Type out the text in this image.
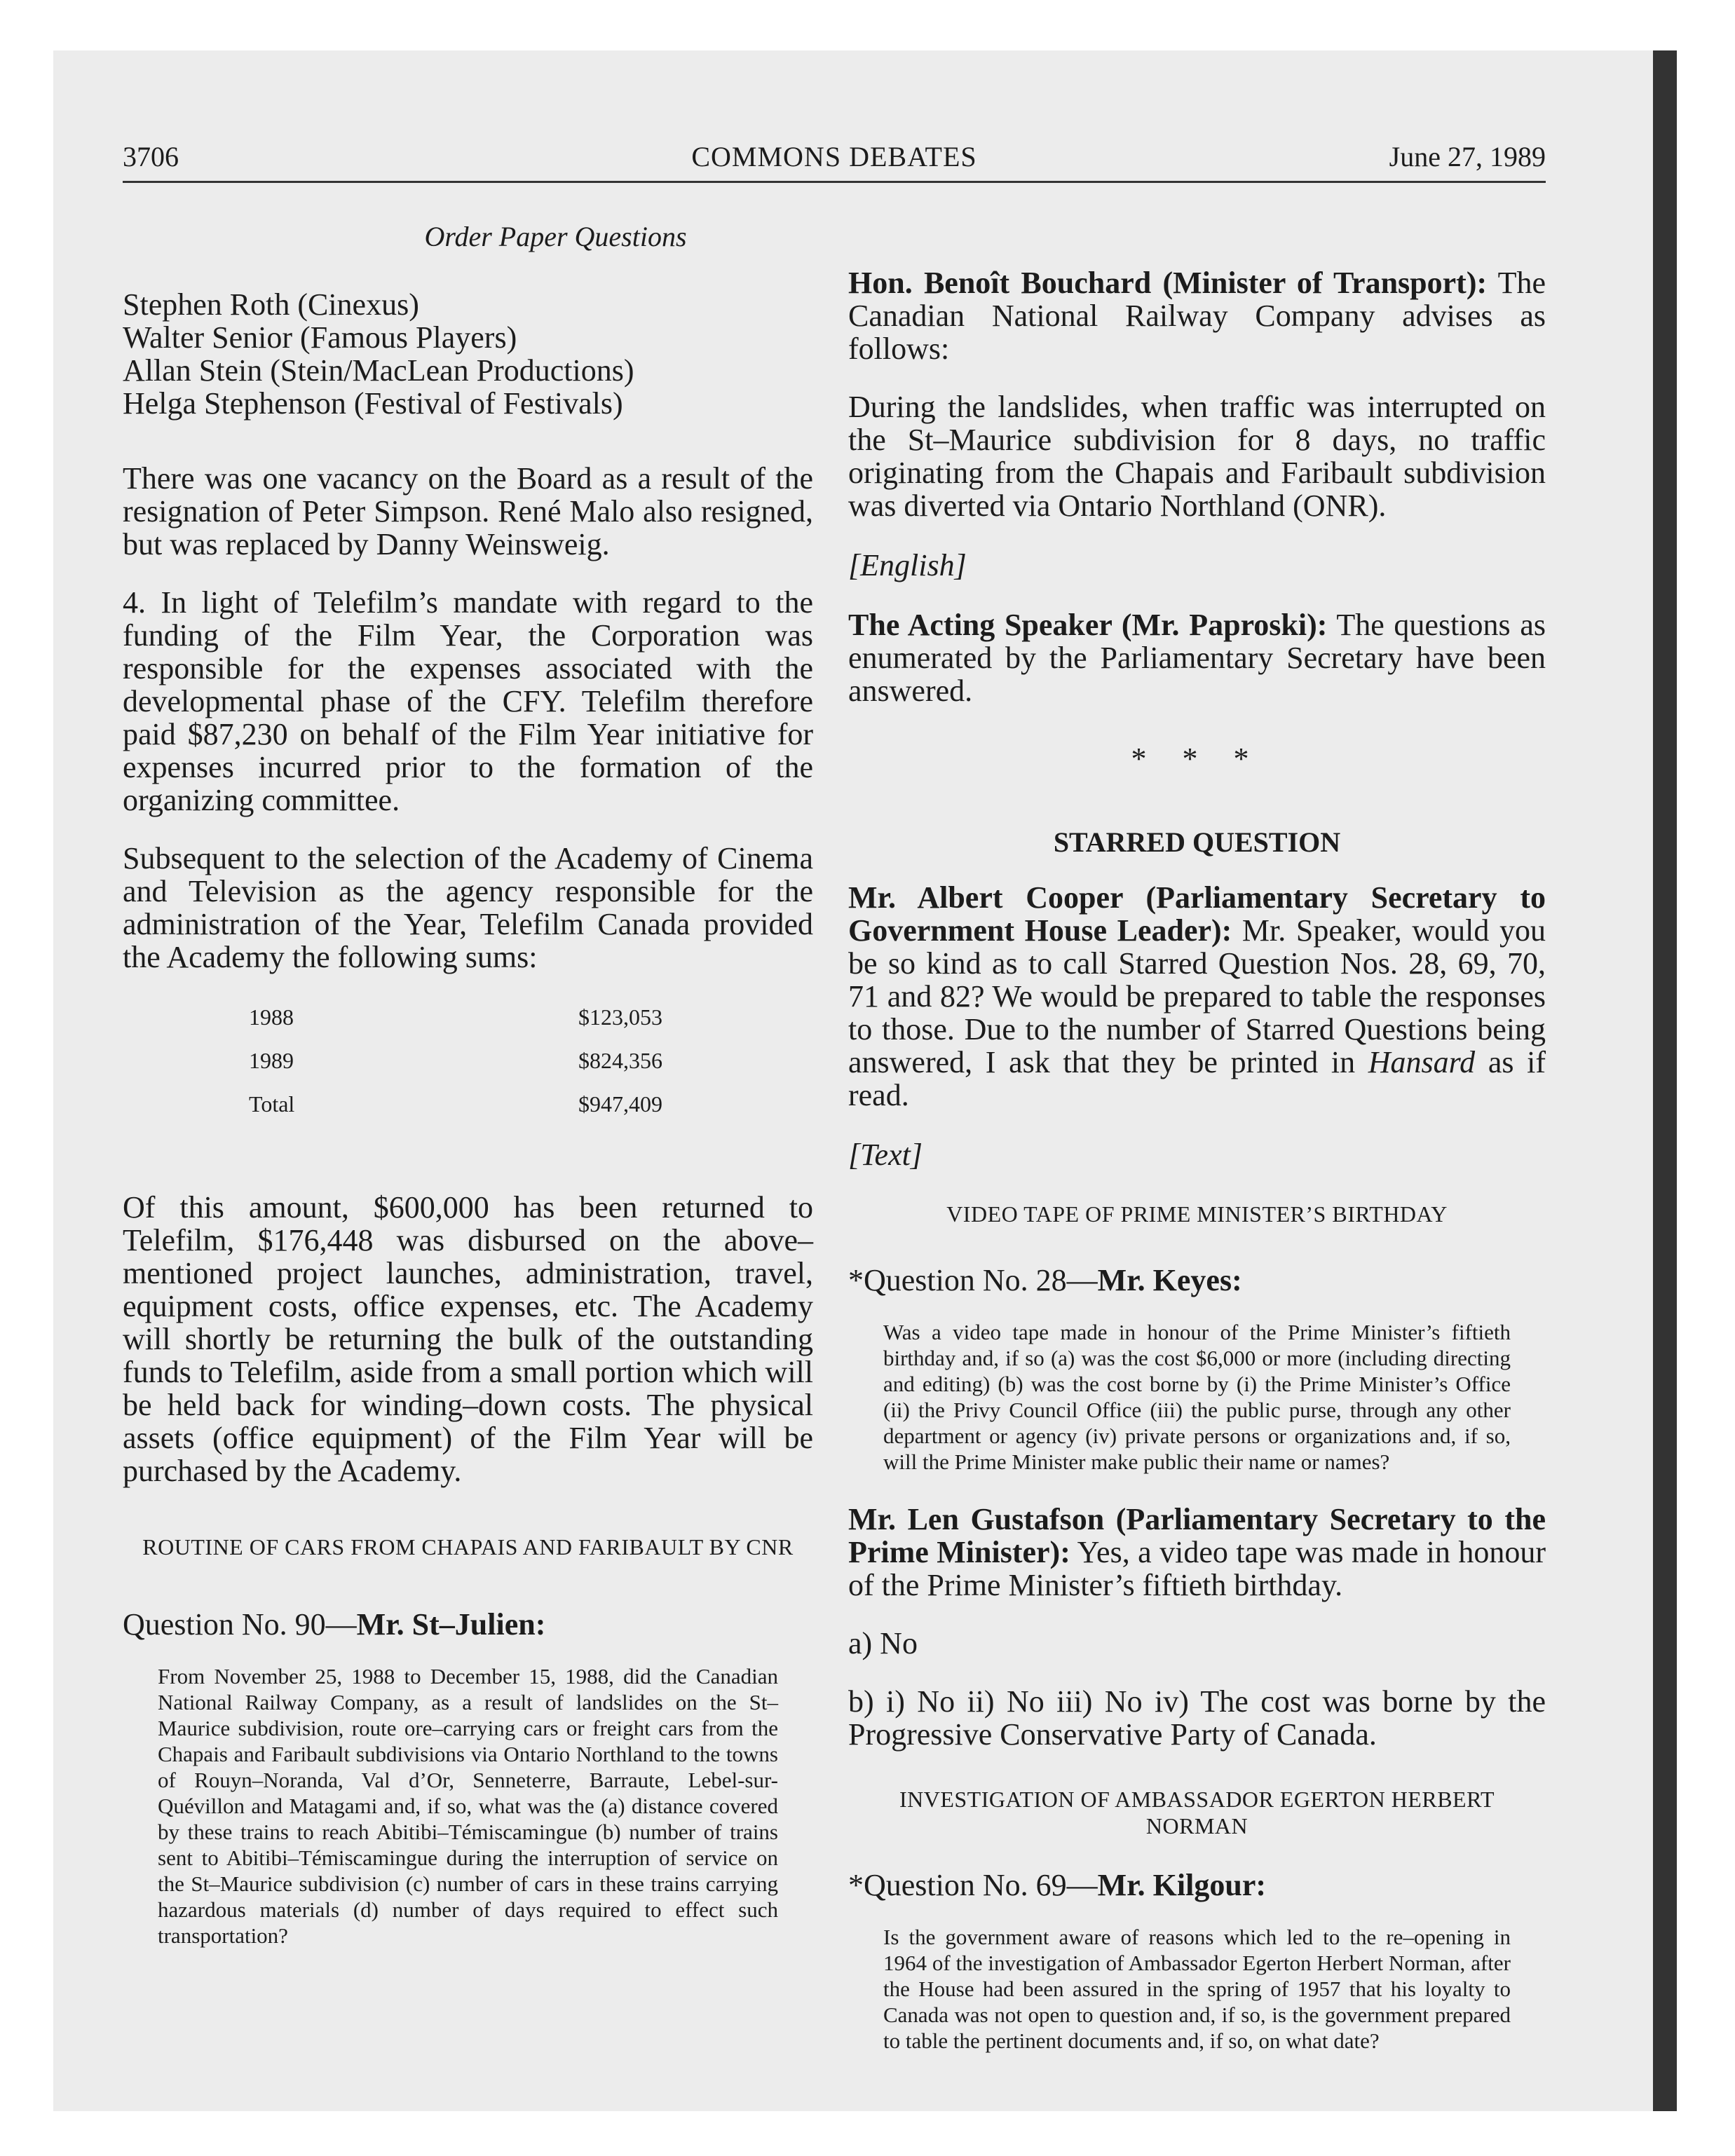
3706	COMMONS DEBATES	June 27, 1989
Order Paper Questions
Stephen Roth (Cinexus)
Walter Senior (Famous Players)
Allan Stein (Stein/MacLean Productions)
Helga Stephenson (Festival of Festivals)

There was one vacancy on the Board as a result of the resignation of Peter Simpson. René Malo also resigned, but was replaced by Danny Weinsweig.

4. In light of Telefilm’s mandate with regard to the funding of the Film Year, the Corporation was responsible for the expenses associated with the developmental phase of the CFY. Telefilm therefore paid $87,230 on behalf of the Film Year initiative for expenses incurred prior to the formation of the organizing committee.

Subsequent to the selection of the Academy of Cinema and Television as the agency responsible for the administration of the Year, Telefilm Canada provided the Academy the following sums:

1988	$123,053
1989	$824,356
Total	$947,409

Of this amount, $600,000 has been returned to Telefilm, $176,448 was disbursed on the above–mentioned project launches, administration, travel, equipment costs, office expenses, etc. The Academy will shortly be returning the bulk of the outstanding funds to Telefilm, aside from a small portion which will be held back for winding–down costs. The physical assets (office equipment) of the Film Year will be purchased by the Academy.

ROUTINE OF CARS FROM CHAPAIS AND FARIBAULT BY CNR
Question No. 90—Mr. St–Julien:

From November 25, 1988 to December 15, 1988, did the Canadian National Railway Company, as a result of landslides on the St–Maurice subdivision, route ore–carrying cars or freight cars from the Chapais and Faribault subdivisions via Ontario Northland to the towns of Rouyn–Noranda, Val d’Or, Senneterre, Barraute, Lebel-sur-Quévillon and Matagami and, if so, what was the (a) distance covered by these trains to reach Abitibi–Témiscamingue (b) number of trains sent to Abitibi–Témiscamingue during the interruption of service on the St–Maurice subdivision (c) number of cars in these trains carrying hazardous materials (d) number of days required to effect such transportation?

Hon. Benoît Bouchard (Minister of Transport): The Canadian National Railway Company advises as follows:

During the landslides, when traffic was interrupted on the St–Maurice subdivision for 8 days, no traffic originating from the Chapais and Faribault subdivision was diverted via Ontario Northland (ONR).

[English]

The Acting Speaker (Mr. Paproski): The questions as enumerated by the Parliamentary Secretary have been answered.

* * *
STARRED QUESTION

Mr. Albert Cooper (Parliamentary Secretary to Government House Leader): Mr. Speaker, would you be so kind as to call Starred Question Nos. 28, 69, 70, 71 and 82? We would be prepared to table the responses to those. Due to the number of Starred Questions being answered, I ask that they be printed in Hansard as if read.

[Text]
VIDEO TAPE OF PRIME MINISTER’S BIRTHDAY
*Question No. 28—Mr. Keyes:

Was a video tape made in honour of the Prime Minister’s fiftieth birthday and, if so (a) was the cost $6,000 or more (including directing and editing) (b) was the cost borne by (i) the Prime Minister’s Office (ii) the Privy Council Office (iii) the public purse, through any other department or agency (iv) private persons or organizations and, if so, will the Prime Minister make public their name or names?

Mr. Len Gustafson (Parliamentary Secretary to the Prime Minister): Yes, a video tape was made in honour of the Prime Minister’s fiftieth birthday.

a) No

b) i) No ii) No iii) No iv) The cost was borne by the Progressive Conservative Party of Canada.

INVESTIGATION OF AMBASSADOR EGERTON HERBERT NORMAN
*Question No. 69—Mr. Kilgour:

Is the government aware of reasons which led to the re–opening in 1964 of the investigation of Ambassador Egerton Herbert Norman, after the House had been assured in the spring of 1957 that his loyalty to Canada was not open to question and, if so, is the government prepared to table the pertinent documents and, if so, on what date?
